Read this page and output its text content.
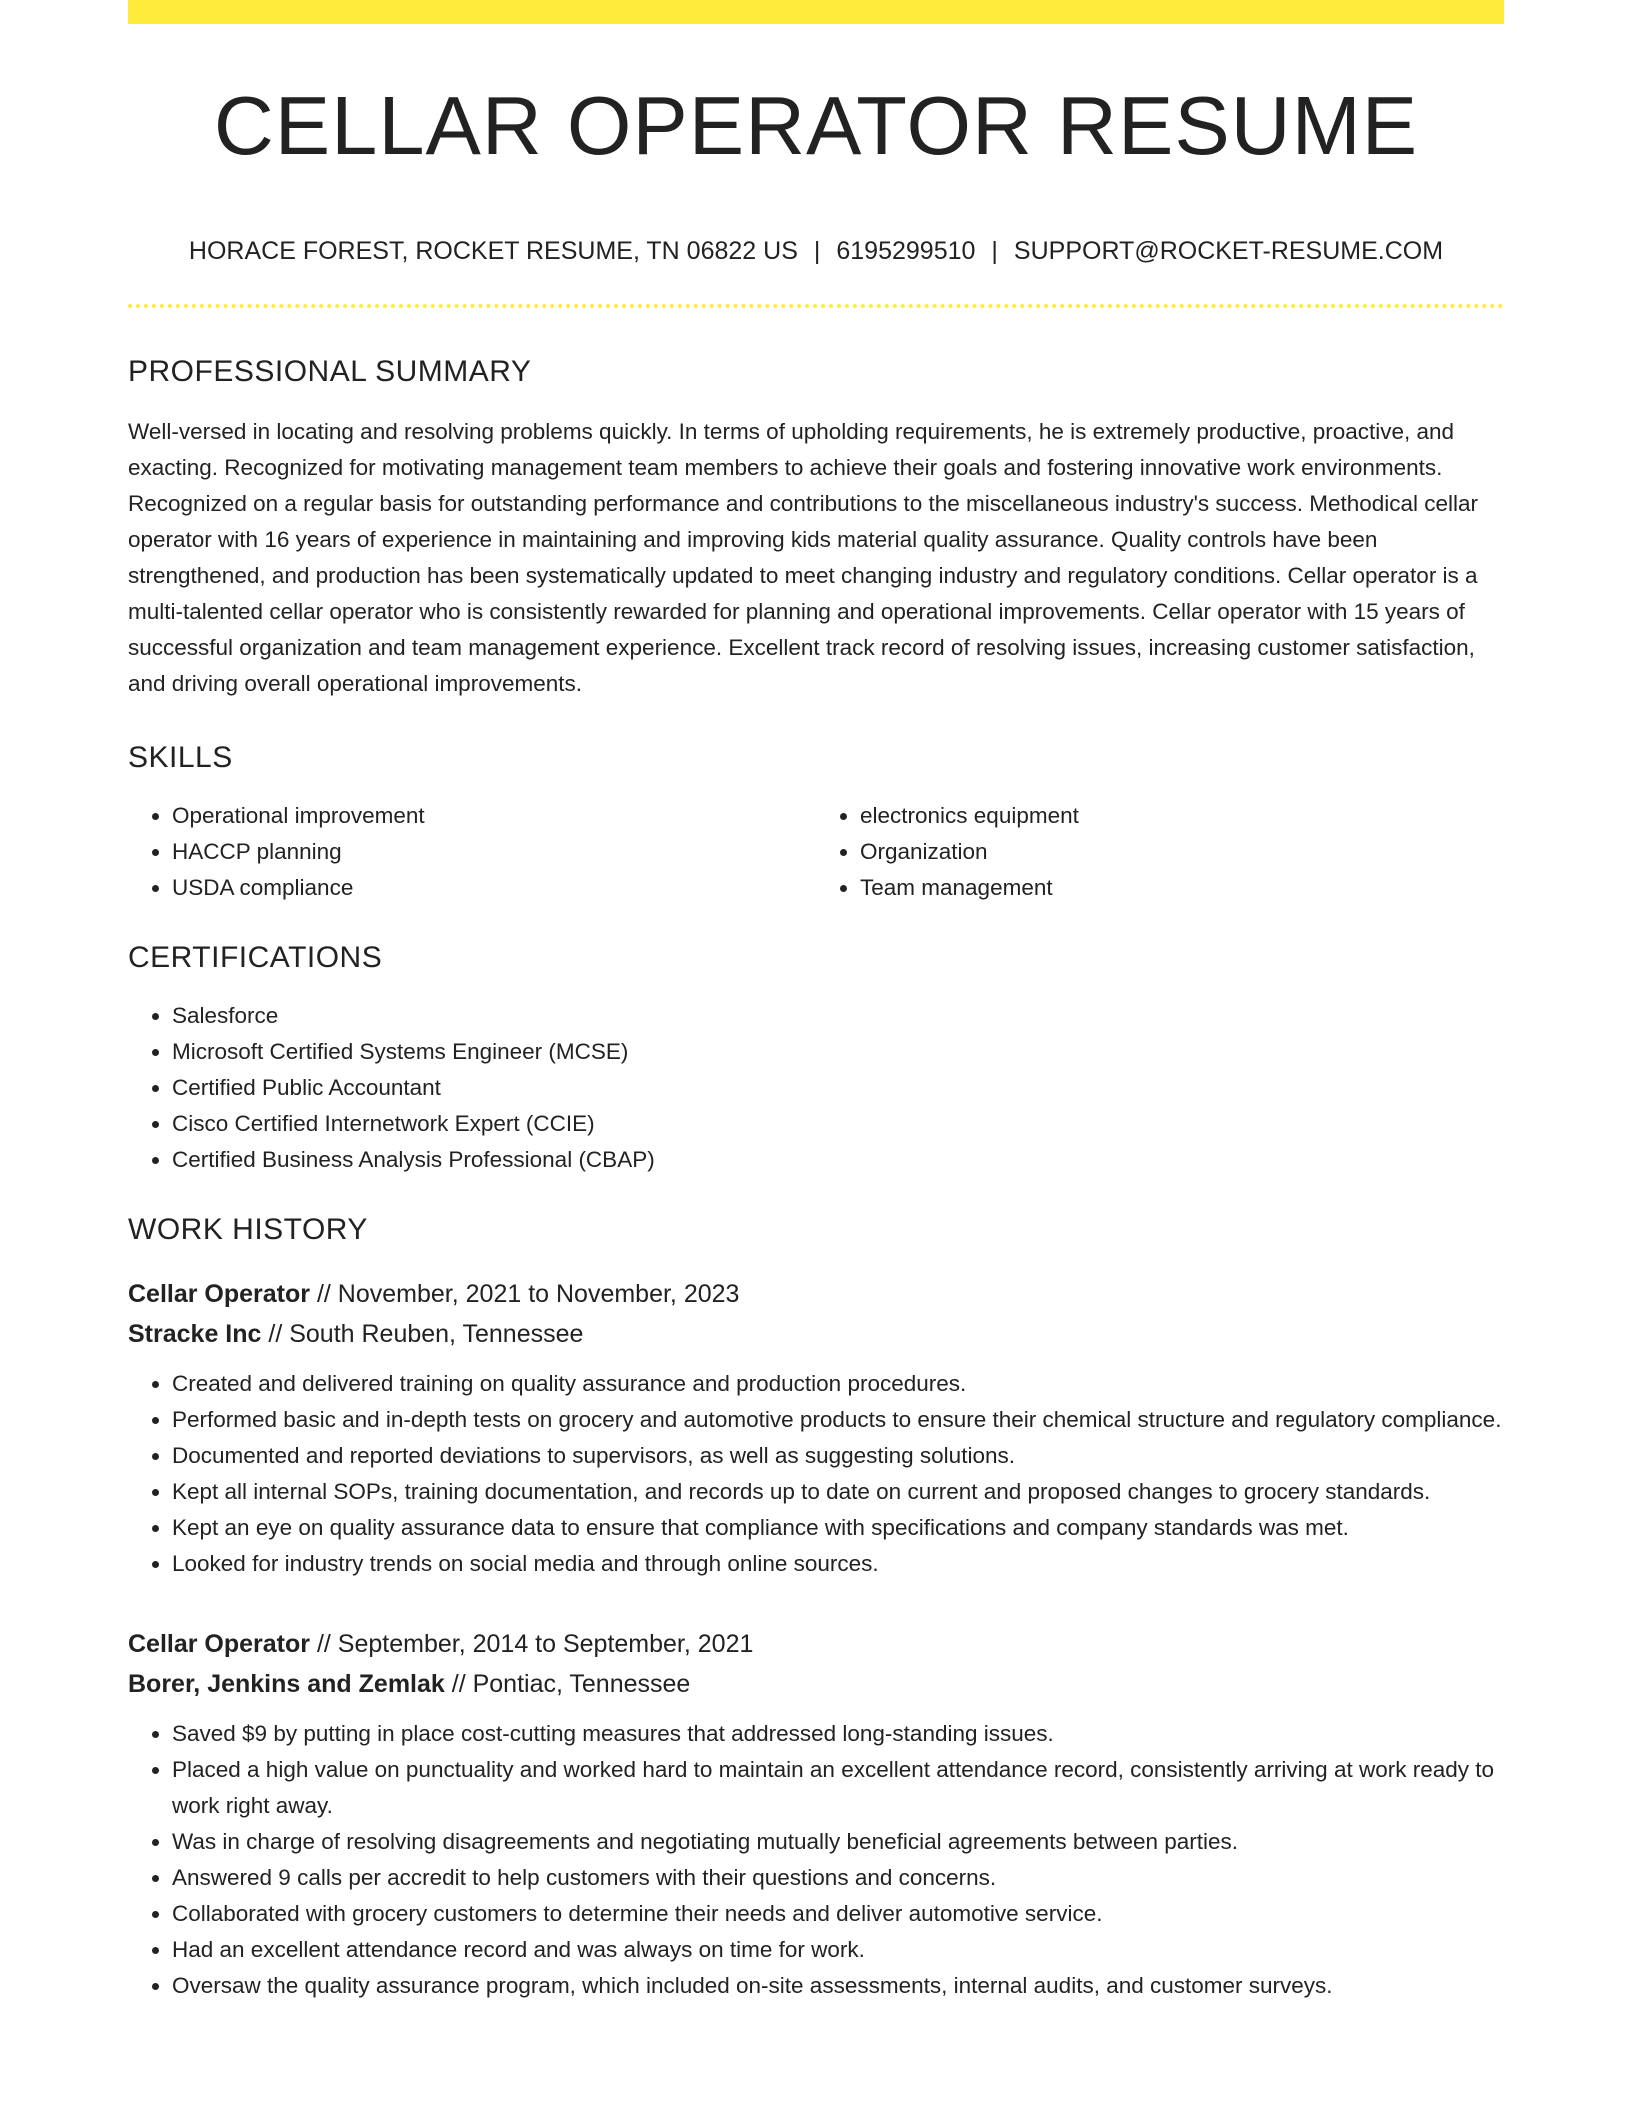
CELLAR OPERATOR RESUME
HORACE FOREST, ROCKET RESUME, TN 06822 US | 6195299510 | SUPPORT@ROCKET-RESUME.COM
PROFESSIONAL SUMMARY

Well-versed in locating and resolving problems quickly. In terms of upholding requirements, he is extremely productive, proactive, and exacting. Recognized for motivating management team members to achieve their goals and fostering innovative work environments. Recognized on a regular basis for outstanding performance and contributions to the miscellaneous industry's success. Methodical cellar operator with 16 years of experience in maintaining and improving kids material quality assurance. Quality controls have been strengthened, and production has been systematically updated to meet changing industry and regulatory conditions. Cellar operator is a multi-talented cellar operator who is consistently rewarded for planning and operational improvements. Cellar operator with 15 years of successful organization and team management experience. Excellent track record of resolving issues, increasing customer satisfaction, and driving overall operational improvements.

SKILLS
• Operational improvement
• HACCP planning
• USDA compliance
• electronics equipment
• Organization
• Team management
CERTIFICATIONS
• Salesforce
• Microsoft Certified Systems Engineer (MCSE)
• Certified Public Accountant
• Cisco Certified Internetwork Expert (CCIE)
• Certified Business Analysis Professional (CBAP)
WORK HISTORY
Cellar Operator // November, 2021 to November, 2023
Stracke Inc // South Reuben, Tennessee
• Created and delivered training on quality assurance and production procedures.
• Performed basic and in-depth tests on grocery and automotive products to ensure their chemical structure and regulatory compliance.
• Documented and reported deviations to supervisors, as well as suggesting solutions.
• Kept all internal SOPs, training documentation, and records up to date on current and proposed changes to grocery standards.
• Kept an eye on quality assurance data to ensure that compliance with specifications and company standards was met.
• Looked for industry trends on social media and through online sources.
Cellar Operator // September, 2014 to September, 2021
Borer, Jenkins and Zemlak // Pontiac, Tennessee
• Saved $9 by putting in place cost-cutting measures that addressed long-standing issues.
• Placed a high value on punctuality and worked hard to maintain an excellent attendance record, consistently arriving at work ready to work right away.
• Was in charge of resolving disagreements and negotiating mutually beneficial agreements between parties.
• Answered 9 calls per accredit to help customers with their questions and concerns.
• Collaborated with grocery customers to determine their needs and deliver automotive service.
• Had an excellent attendance record and was always on time for work.
• Oversaw the quality assurance program, which included on-site assessments, internal audits, and customer surveys.
